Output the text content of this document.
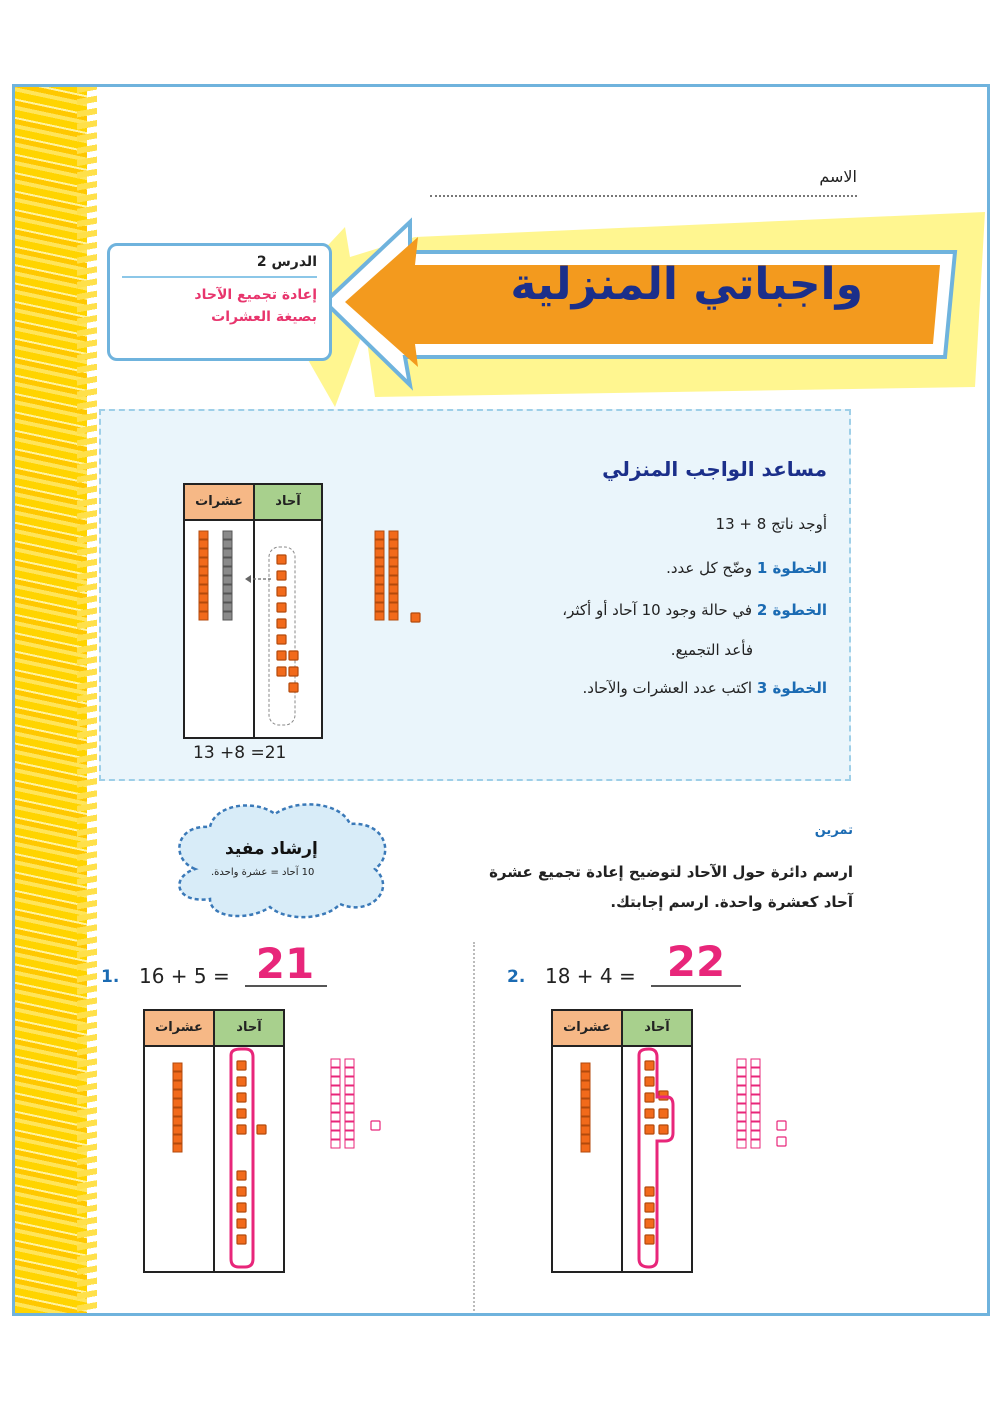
الاسم
واجباتي المنزلية
الدرس 2
إعادة تجميع الآحاد
بصيغة العشرات
مساعد الواجب المنزلي
أوجد ناتج 8 + 13
الخطوة 1 وضّح كل عدد.
الخطوة 2 في حالة وجود 10 آحاد أو أكثر،
فأعد التجميع.
الخطوة 3 اكتب عدد العشرات والآحاد.
عشرات	آحاد
13 +8 =21
تمرين
ارسم دائرة حول الآحاد لتوضيح إعادة تجميع عشرة آحاد كعشرة واحدة. ارسم إجابتك.
إرشاد مفيد
10 آحاد = عشرة واحدة.
1. 16 + 5 = 21	2. 18 + 4 = 22
عشرات	آحاد	عشرات	آحاد
